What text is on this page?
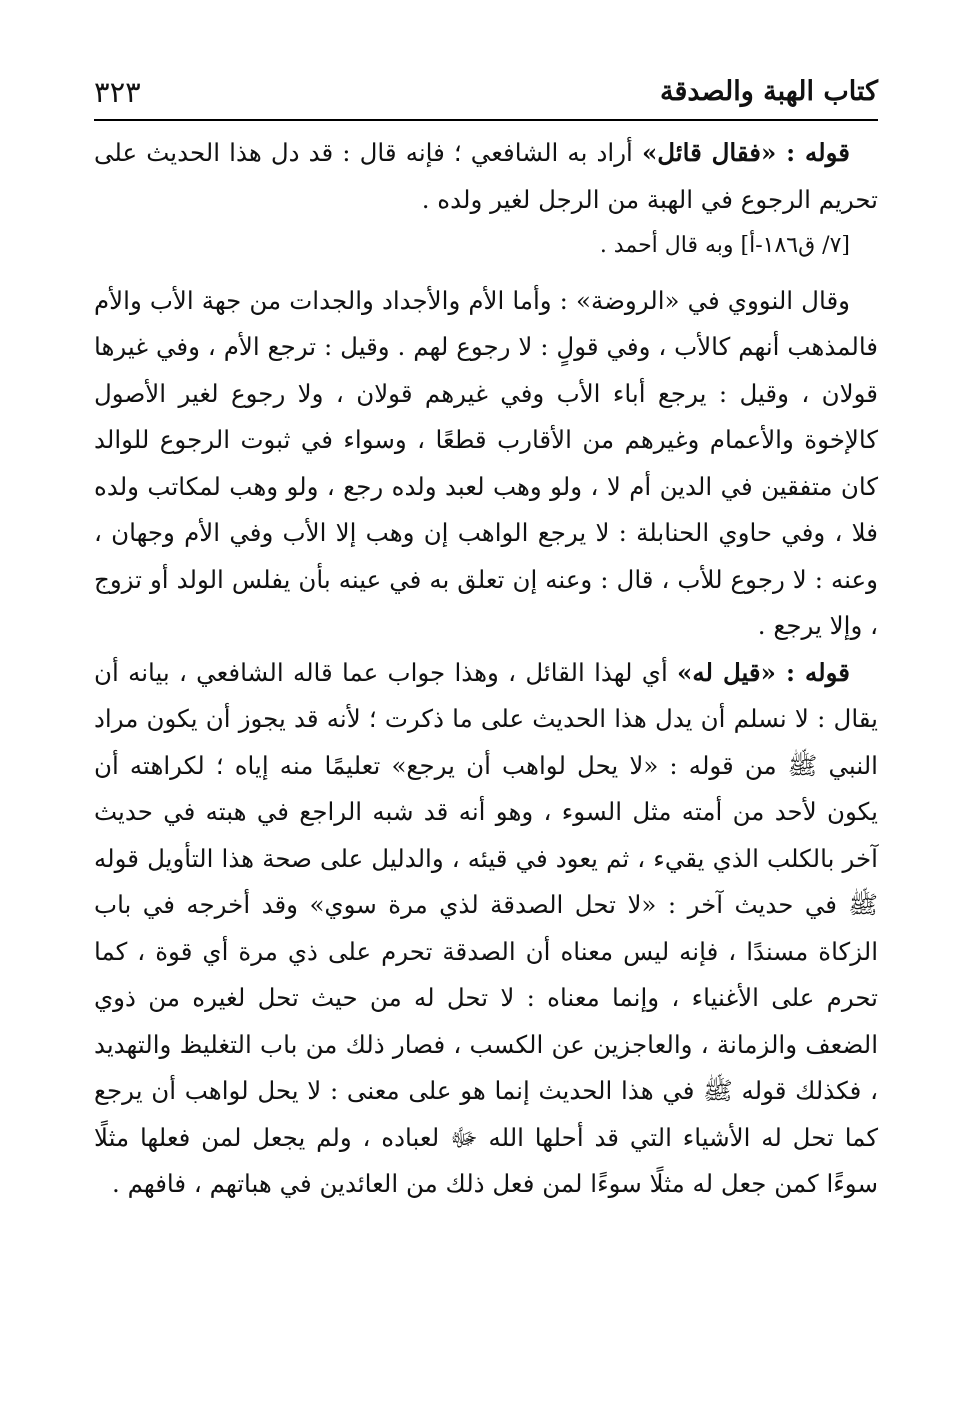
كتاب الهبة والصدقة
٣٢٣

قوله : «فقال قائل» أراد به الشافعي ؛ فإنه قال : قد دل هذا الحديث على تحريم الرجوع في الهبة من الرجل لغير ولده .

[٧/ ق١٨٦-أ] وبه قال أحمد .

وقال النووي في «الروضة» : وأما الأم والأجداد والجدات من جهة الأب والأم فالمذهب أنهم كالأب ، وفي قولٍ : لا رجوع لهم . وقيل : ترجع الأم ، وفي غيرها قولان ، وقيل : يرجع أباء الأب وفي غيرهم قولان ، ولا رجوع لغير الأصول كالإخوة والأعمام وغيرهم من الأقارب قطعًا ، وسواء في ثبوت الرجوع للوالد كان متفقين في الدين أم لا ، ولو وهب لعبد ولده رجع ، ولو وهب لمكاتب ولده فلا ، وفي حاوي الحنابلة : لا يرجع الواهب إن وهب إلا الأب وفي الأم وجهان ، وعنه : لا رجوع للأب ، قال : وعنه إن تعلق به في عينه بأن يفلس الولد أو تزوج ، وإلا يرجع .

قوله : «قيل له» أي لهذا القائل ، وهذا جواب عما قاله الشافعي ، بيانه أن يقال : لا نسلم أن يدل هذا الحديث على ما ذكرت ؛ لأنه قد يجوز أن يكون مراد النبي ﷺ من قوله : «لا يحل لواهب أن يرجع» تعليمًا منه إياه ؛ لكراهته أن يكون لأحد من أمته مثل السوء ، وهو أنه قد شبه الراجع في هبته في حديث آخر بالكلب الذي يقيء ، ثم يعود في قيئه ، والدليل على صحة هذا التأويل قوله ﷺ في حديث آخر : «لا تحل الصدقة لذي مرة سوي» وقد أخرجه في باب الزكاة مسندًا ، فإنه ليس معناه أن الصدقة تحرم على ذي مرة أي قوة ، كما تحرم على الأغنياء ، وإنما معناه : لا تحل له من حيث تحل لغيره من ذوي الضعف والزمانة ، والعاجزين عن الكسب ، فصار ذلك من باب التغليظ والتهديد ، فكذلك قوله ﷺ في هذا الحديث إنما هو على معنى : لا يحل لواهب أن يرجع كما تحل له الأشياء التي قد أحلها الله ﷻ لعباده ، ولم يجعل لمن فعلها مثلًا سوءًا كمن جعل له مثلًا سوءًا لمن فعل ذلك من العائدين في هباتهم ، فافهم .
